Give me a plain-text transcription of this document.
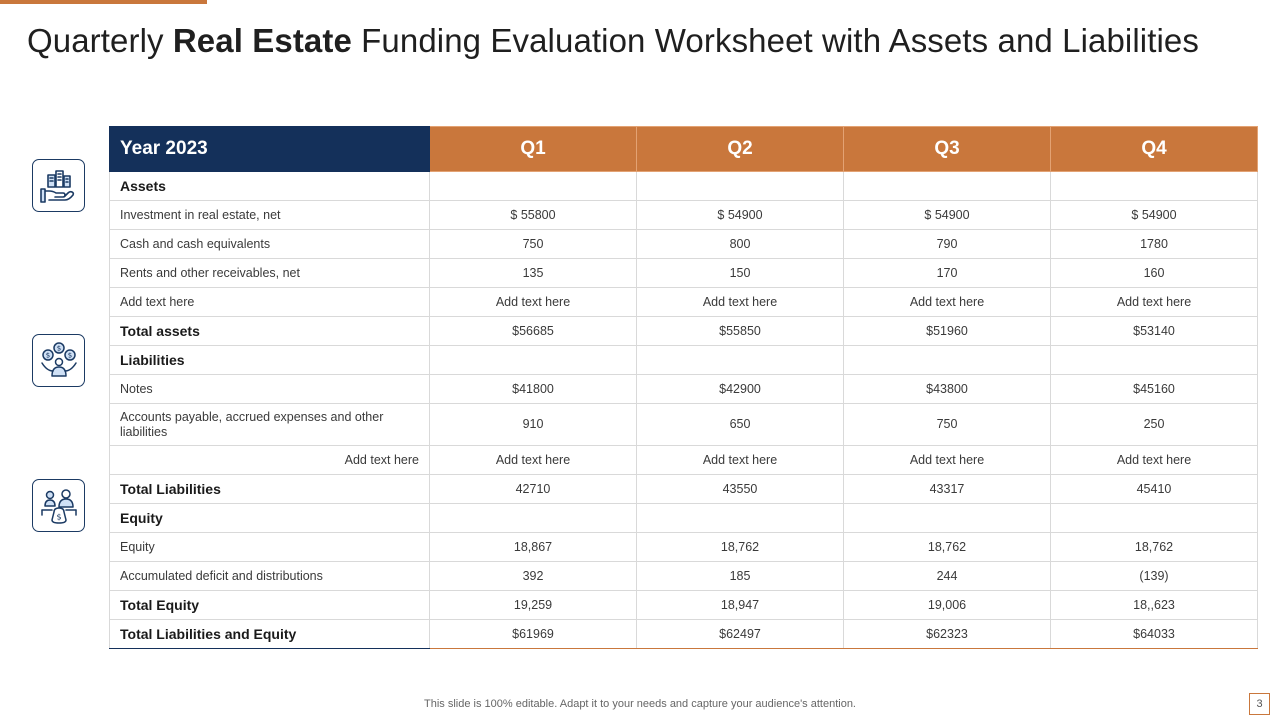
Quarterly Real Estate Funding Evaluation Worksheet with Assets and Liabilities
$
$	$
$
Year 2023	Q1	Q2	Q3	Q4
Assets				
Investment in real estate, net	$ 55800	$ 54900	$ 54900	$ 54900
Cash and cash equivalents	750	800	790	1780
Rents and other receivables, net	135	150	170	160
Add text here	Add text here	Add text here	Add text here	Add text here
Total assets	$56685	$55850	$51960	$53140
Liabilities				
Notes	$41800	$42900	$43800	$45160
Accounts payable, accrued expenses and other liabilities	910	650	750	250
Add text here	Add text here	Add text here	Add text here	Add text here
Total Liabilities	42710	43550	43317	45410
Equity				
Equity	18,867	18,762	18,762	18,762
Accumulated deficit and distributions	392	185	244	(139)
Total Equity	19,259	18,947	19,006	18,,623
Total Liabilities and Equity	$61969	$62497	$62323	$64033
This slide is 100% editable. Adapt it to your needs and capture your audience's attention.	3
